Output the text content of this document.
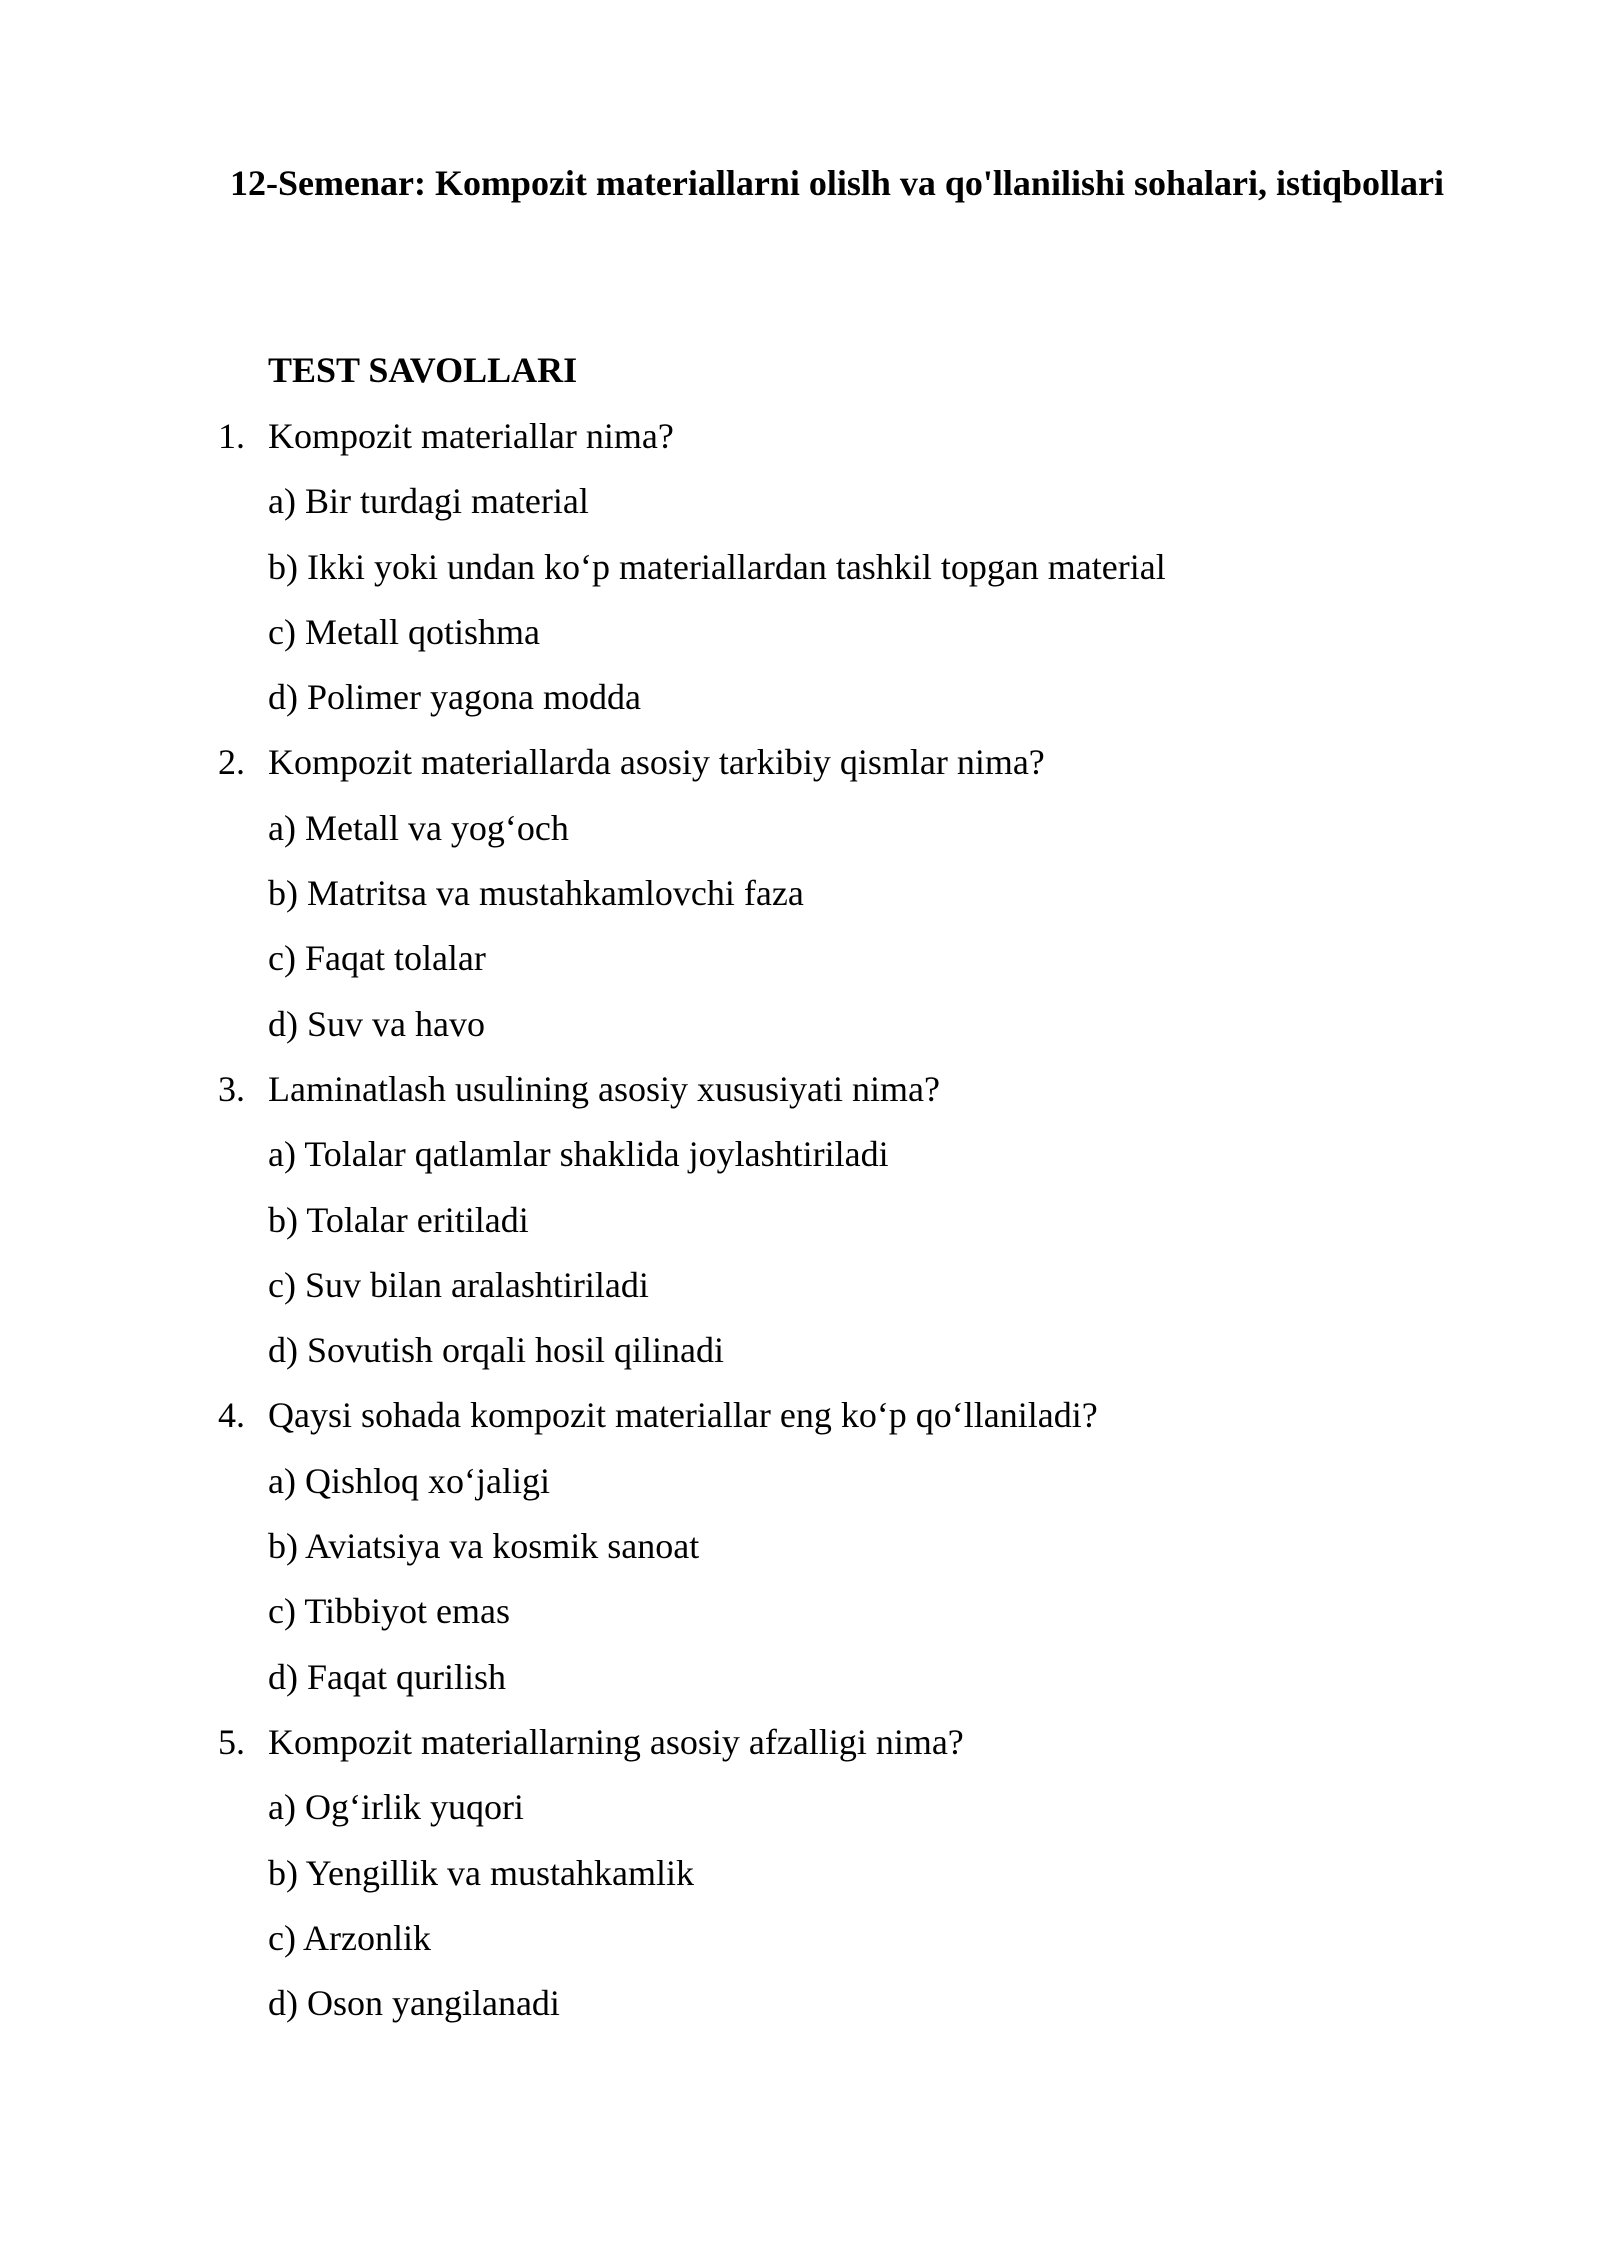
12-Semenar: Kompozit materiallarni olislh va qo'llanilishi sohalari, istiqbollari

TEST SAVOLLARI

1. Kompozit materiallar nima?
a) Bir turdagi material
b) Ikki yoki undan ko‘p materiallardan tashkil topgan material
c) Metall qotishma
d) Polimer yagona modda
2. Kompozit materiallarda asosiy tarkibiy qismlar nima?
a) Metall va yog‘och
b) Matritsa va mustahkamlovchi faza
c) Faqat tolalar
d) Suv va havo
3. Laminatlash usulining asosiy xususiyati nima?
a) Tolalar qatlamlar shaklida joylashtiriladi
b) Tolalar eritiladi
c) Suv bilan aralashtiriladi
d) Sovutish orqali hosil qilinadi
4. Qaysi sohada kompozit materiallar eng ko‘p qo‘llaniladi?
a) Qishloq xo‘jaligi
b) Aviatsiya va kosmik sanoat
c) Tibbiyot emas
d) Faqat qurilish
5. Kompozit materiallarning asosiy afzalligi nima?
a) Og‘irlik yuqori
b) Yengillik va mustahkamlik
c) Arzonlik
d) Oson yangilanadi
